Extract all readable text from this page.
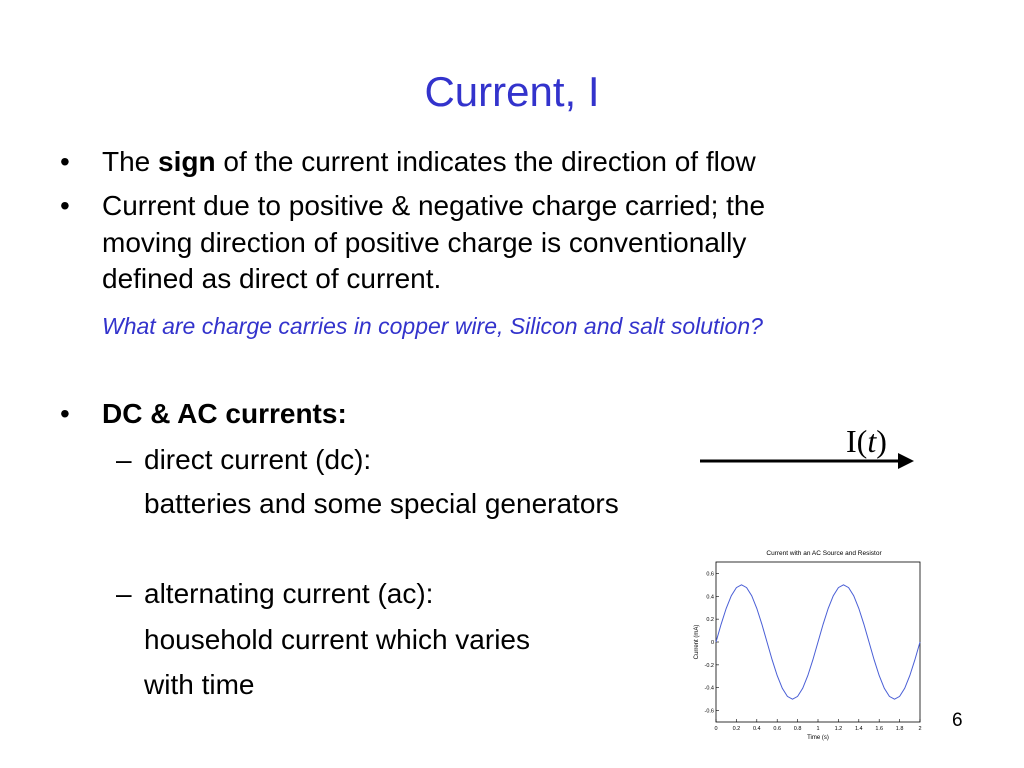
Current, I
• The sign of the current indicates the direction of flow
• Current due to positive & negative charge carried; the
moving direction of positive charge is conventionally
defined as direct of current.
What are charge carries in copper wire, Silicon and salt solution?
• DC & AC currents:
– direct current (dc):
batteries and some special generators
– alternating current (ac):
household current which varies
with time
I(t)
Current with an AC Source and Resistor
0	0.2 0.4 0.6 0.8	1	1.2 1.4 1.6 1.8	2
0.6
0.4
0.2
0
-0.2
-0.4
-0.6
Time (s)
Current (mA)
6
